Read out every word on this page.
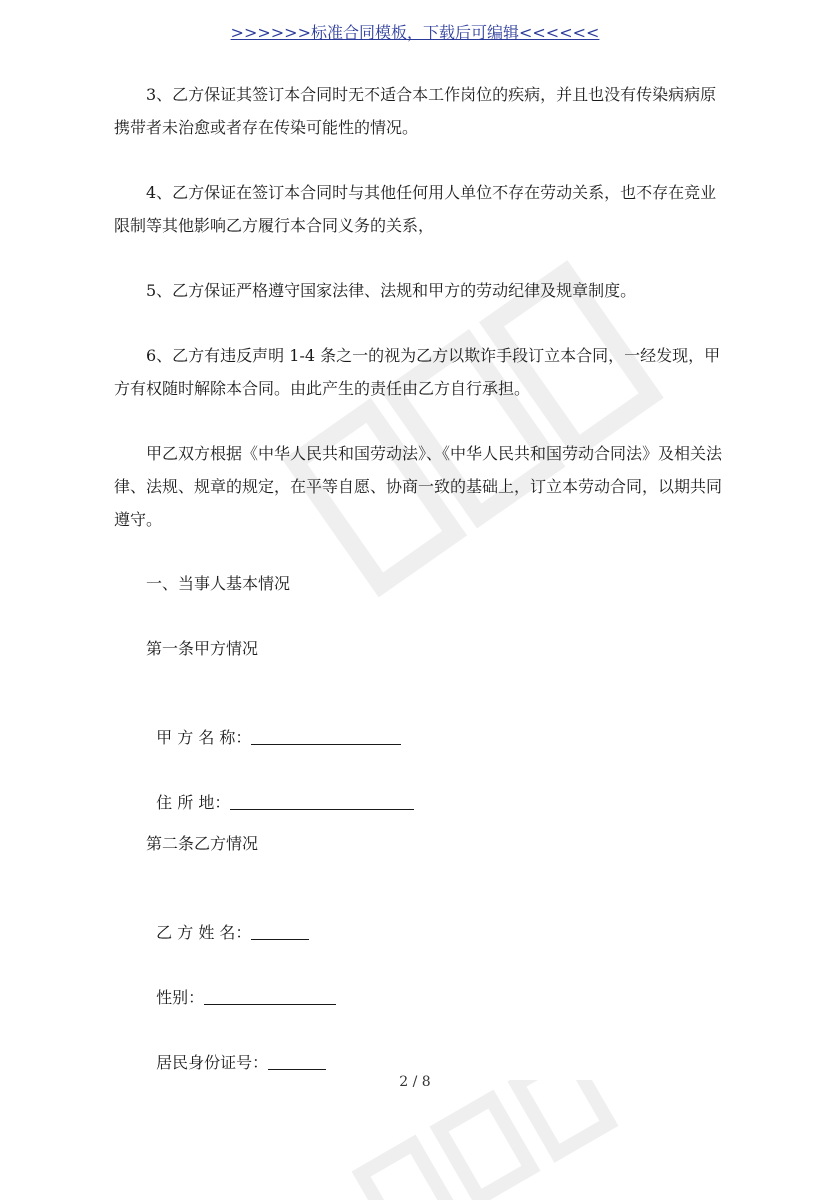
>>>>>>标准合同模板，下载后可编辑<<<<<<

3、乙方保证其签订本合同时无不适合本工作岗位的疾病，并且也没有传染病病原携带者未治愈或者存在传染可能性的情况。

4、乙方保证在签订本合同时与其他任何用人单位不存在劳动关系，也不存在竞业限制等其他影响乙方履行本合同义务的关系，

5、乙方保证严格遵守国家法律、法规和甲方的劳动纪律及规章制度。

6、乙方有违反声明 1-4 条之一的视为乙方以欺诈手段订立本合同，一经发现，甲方有权随时解除本合同。由此产生的责任由乙方自行承担。

甲乙双方根据《中华人民共和国劳动法》、《中华人民共和国劳动合同法》及相关法律、法规、规章的规定，在平等自愿、协商一致的基础上，订立本劳动合同，以期共同遵守。

一、当事人基本情况
第一条甲方情况

甲 方 名 称：

住 所 地：

第二条乙方情况

乙 方 姓 名：

性别：

居民身份证号：

2 / 8
